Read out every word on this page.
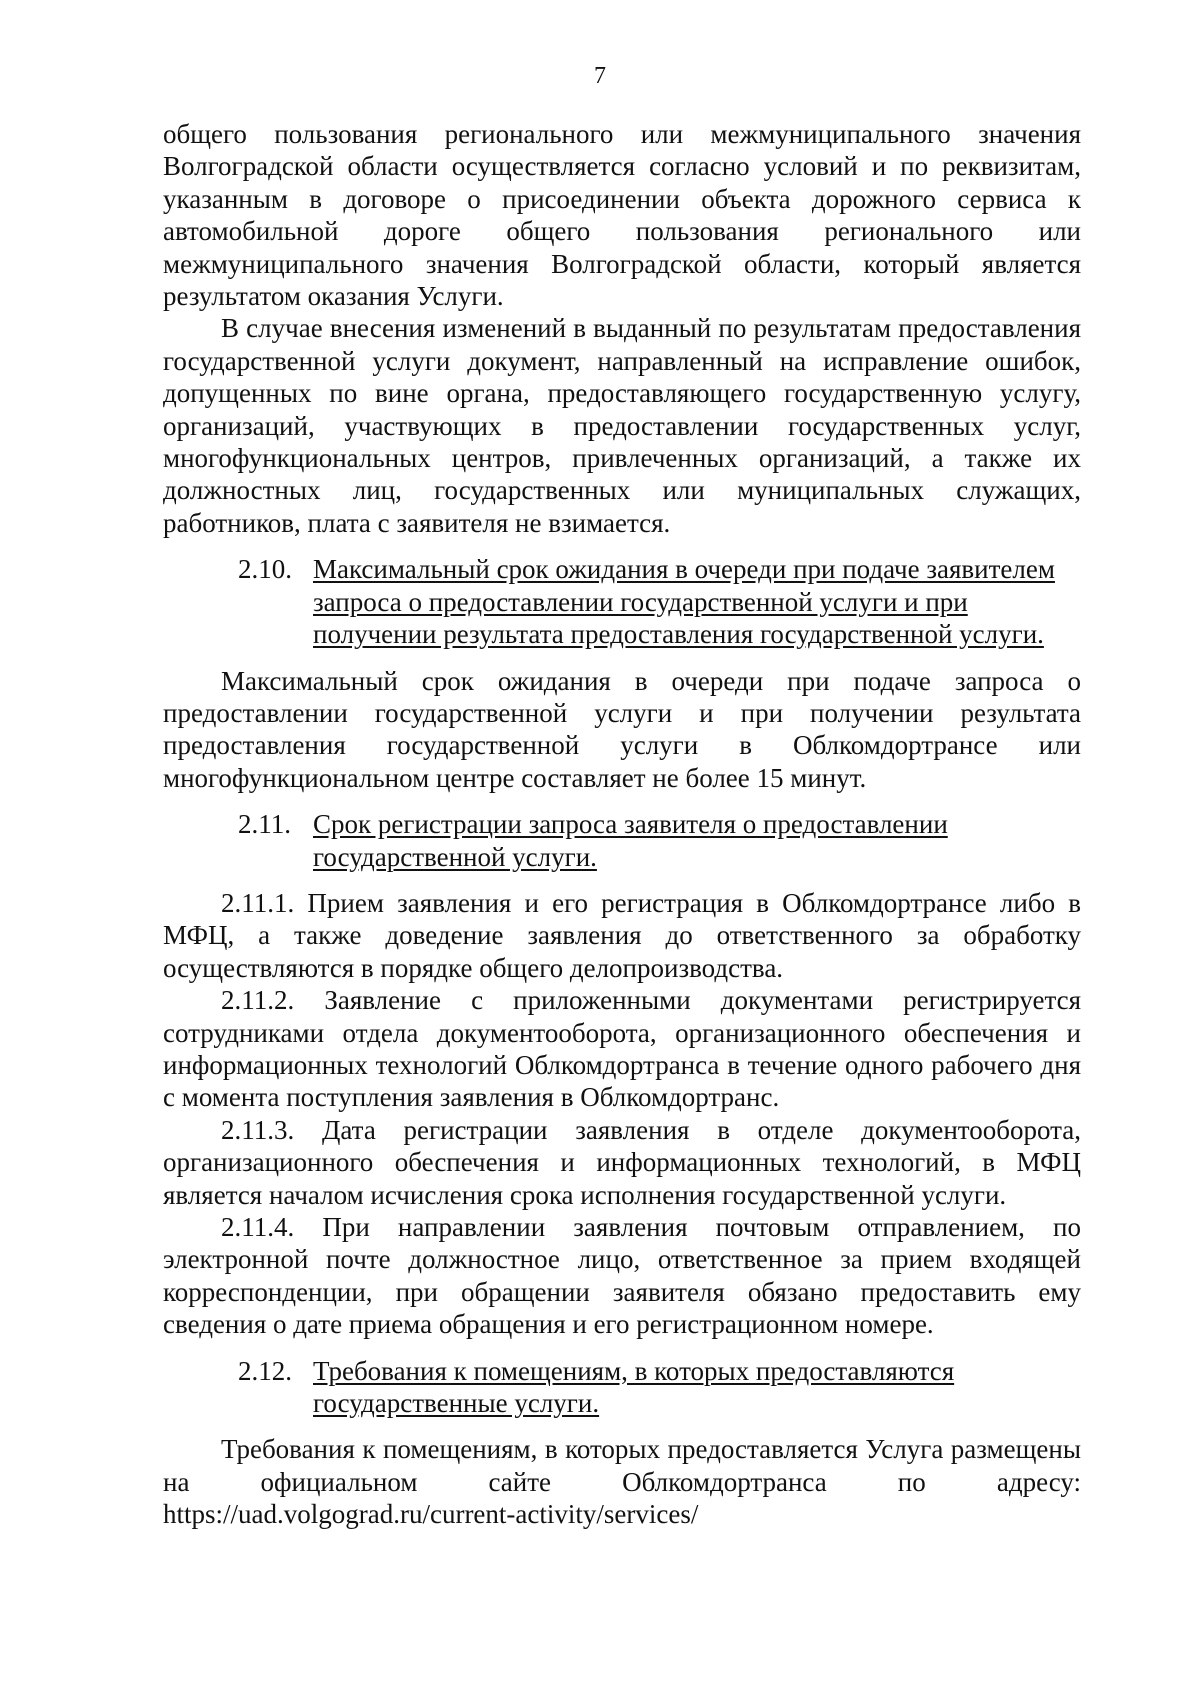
7

общего пользования регионального или межмуниципального значения Волгоградской области осуществляется согласно условий и по реквизитам, указанным в договоре о присоединении объекта дорожного сервиса к автомобильной дороге общего пользования регионального или межмуниципального значения Волгоградской области, который является результатом оказания Услуги.

В случае внесения изменений в выданный по результатам предоставления государственной услуги документ, направленный на исправление ошибок, допущенных по вине органа, предоставляющего государственную услугу, организаций, участвующих в предоставлении государственных услуг, многофункциональных центров, привлеченных организаций, а также их должностных лиц, государственных или муниципальных служащих, работников, плата с заявителя не взимается.

2.10. Максимальный срок ожидания в очереди при подаче заявителем запроса о предоставлении государственной услуги и при получении результата предоставления государственной услуги.

Максимальный срок ожидания в очереди при подаче запроса о предоставлении государственной услуги и при получении результата предоставления государственной услуги в Облкомдортрансе или многофункциональном центре составляет не более 15 минут.

2.11. Срок регистрации запроса заявителя о предоставлении государственной услуги.

2.11.1. Прием заявления и его регистрация в Облкомдортрансе либо в МФЦ, а также доведение заявления до ответственного за обработку осуществляются в порядке общего делопроизводства.

2.11.2. Заявление с приложенными документами регистрируется сотрудниками отдела документооборота, организационного обеспечения и информационных технологий Облкомдортранса в течение одного рабочего дня с момента поступления заявления в Облкомдортранс.

2.11.3. Дата регистрации заявления в отделе документооборота, организационного обеспечения и информационных технологий, в МФЦ является началом исчисления срока исполнения государственной услуги.

2.11.4. При направлении заявления почтовым отправлением, по электронной почте должностное лицо, ответственное за прием входящей корреспонденции, при обращении заявителя обязано предоставить ему сведения о дате приема обращения и его регистрационном номере.

2.12. Требования к помещениям, в которых предоставляются государственные услуги.

Требования к помещениям, в которых предоставляется Услуга размещены на официальном сайте Облкомдортранса по адресу: https://uad.volgograd.ru/current-activity/services/
